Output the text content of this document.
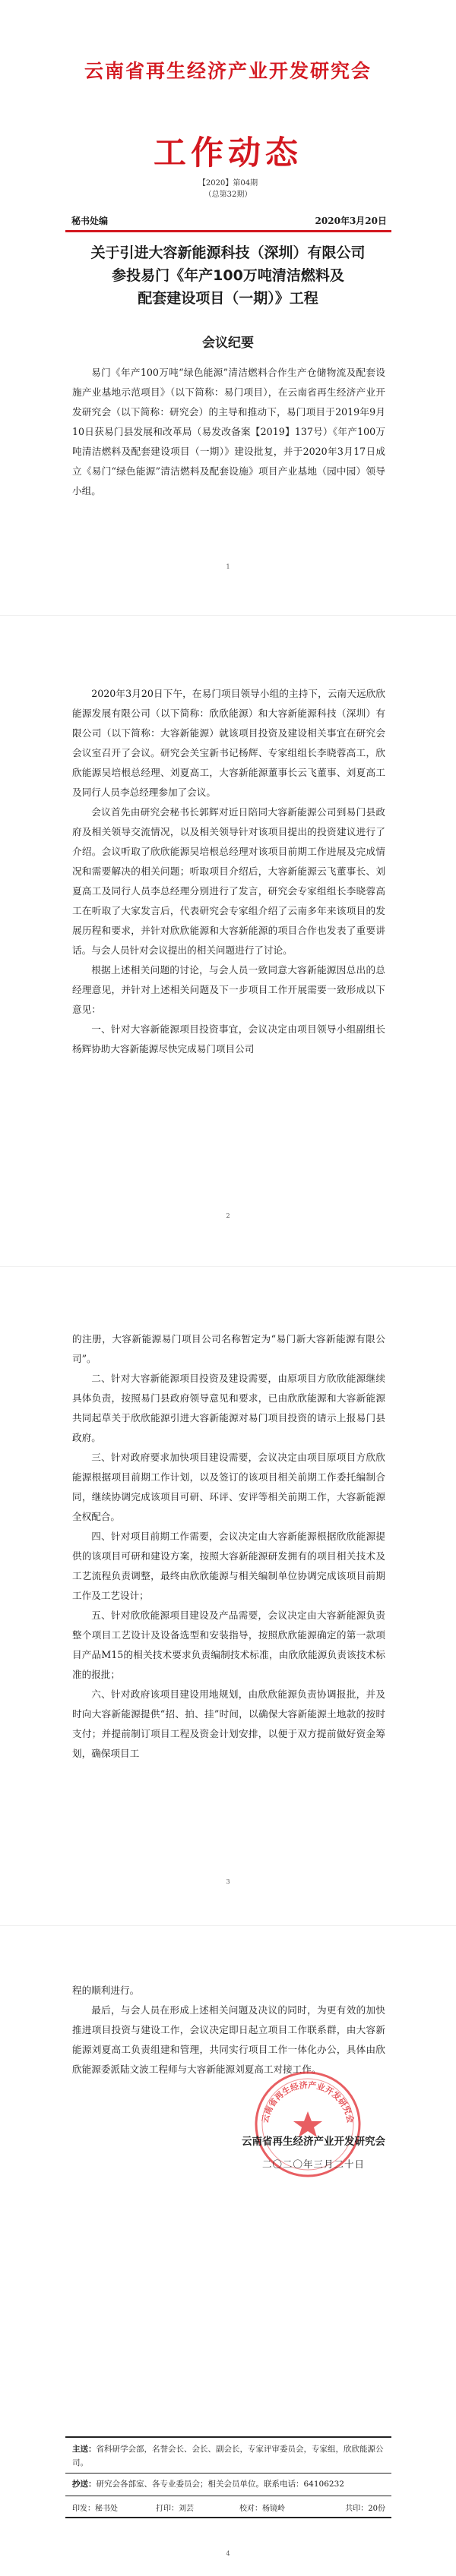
云南省再生经济产业开发研究会
工作动态
【2020】第04期
（总第32期）
秘书处编	2020年3月20日
关于引进大容新能源科技（深圳）有限公司
参投易门《年产100万吨清洁燃料及
配套建设项目（一期）》工程
会议纪要

易门《年产100万吨“绿色能源”清洁燃料合作生产仓储物流及配套设施产业基地示范项目》（以下简称：易门项目），在云南省再生经济产业开发研究会（以下简称：研究会）的主导和推动下，易门项目于2019年9月10日获易门县发展和改革局（易发改备案【2019】137号）《年产100万吨清洁燃料及配套建设项目（一期）》建设批复，并于2020年3月17日成立《易门“绿色能源”清洁燃料及配套设施》项目产业基地（园中园）领导小组。

1

2020年3月20日下午，在易门项目领导小组的主持下，云南天远欣欣能源发展有限公司（以下简称：欣欣能源）和大容新能源科技（深圳）有限公司（以下简称：大容新能源）就该项目投资及建设相关事宜在研究会会议室召开了会议。研究会关宝新书记杨辉、专家组组长李晓蓉高工，欣欣能源吴培根总经理、刘夏高工，大容新能源董事长云飞董事、刘夏高工及同行人员李总经理参加了会议。

会议首先由研究会秘书长郭辉对近日陪同大容新能源公司到易门县政府及相关领导交流情况，以及相关领导针对该项目提出的投资建议进行了介绍。会议听取了欣欣能源吴培根总经理对该项目前期工作进展及完成情况和需要解决的相关问题；听取项目介绍后，大容新能源云飞董事长、刘夏高工及同行人员李总经理分别进行了发言，研究会专家组组长李晓蓉高工在听取了大家发言后，代表研究会专家组介绍了云南多年来该项目的发展历程和要求，并针对欣欣能源和大容新能源的项目合作也发表了重要讲话。与会人员针对会议提出的相关问题进行了讨论。

根据上述相关问题的讨论，与会人员一致同意大容新能源因总出的总经理意见，并针对上述相关问题及下一步项目工作开展需要一致形成以下意见：

一、针对大容新能源项目投资事宜，会议决定由项目领导小组副组长杨辉协助大容新能源尽快完成易门项目公司

2

的注册，大容新能源易门项目公司名称暂定为“易门新大容新能源有限公司”。

二、针对大容新能源项目投资及建设需要，由原项目方欣欣能源继续具体负责，按照易门县政府领导意见和要求，已由欣欣能源和大容新能源共同起草关于欣欣能源引进大容新能源对易门项目投资的请示上报易门县政府。

三、针对政府要求加快项目建设需要，会议决定由项目原项目方欣欣能源根据项目前期工作计划，以及签订的该项目相关前期工作委托编制合同，继续协调完成该项目可研、环评、安评等相关前期工作，大容新能源全权配合。

四、针对项目前期工作需要，会议决定由大容新能源根据欣欣能源提供的该项目可研和建设方案，按照大容新能源研发拥有的项目相关技术及工艺流程负责调整，最终由欣欣能源与相关编制单位协调完成该项目前期工作及工艺设计；

五、针对欣欣能源项目建设及产品需要，会议决定由大容新能源负责整个项目工艺设计及设备选型和安装指导，按照欣欣能源确定的第一款项目产品M15的相关技术要求负责编制技术标准，由欣欣能源负责该技术标准的报批；

六、针对政府该项目建设用地规划，由欣欣能源负责协调报批，并及时向大容新能源提供“招、拍、挂”时间，以确保大容新能源土地款的按时支付；并提前制订项目工程及资金计划安排，以便于双方提前做好资金筹划，确保项目工

3

程的顺利进行。

最后，与会人员在形成上述相关问题及决议的同时，为更有效的加快推进项目投资与建设工作，会议决定即日起立项目工作联系群，由大容新能源刘夏高工负责组建和管理，共同实行项目工作一体化办公，具体由欣欣能源委派陆文波工程师与大容新能源刘夏高工对接工作。

云南省再生经济产业开发研究会
云南省再生经济产业开发研究会
二〇二〇年三月二十日
主送：省科研学会部，名誉会长、会长、副会长，专家评审委员会，专家组，欣欣能源公司。
抄送：研究会各部室、各专业委员会；相关会员单位。联系电话：64106232
印发：秘书处	打印：刘芸	校对：杨镜岭	共印：20份
4
